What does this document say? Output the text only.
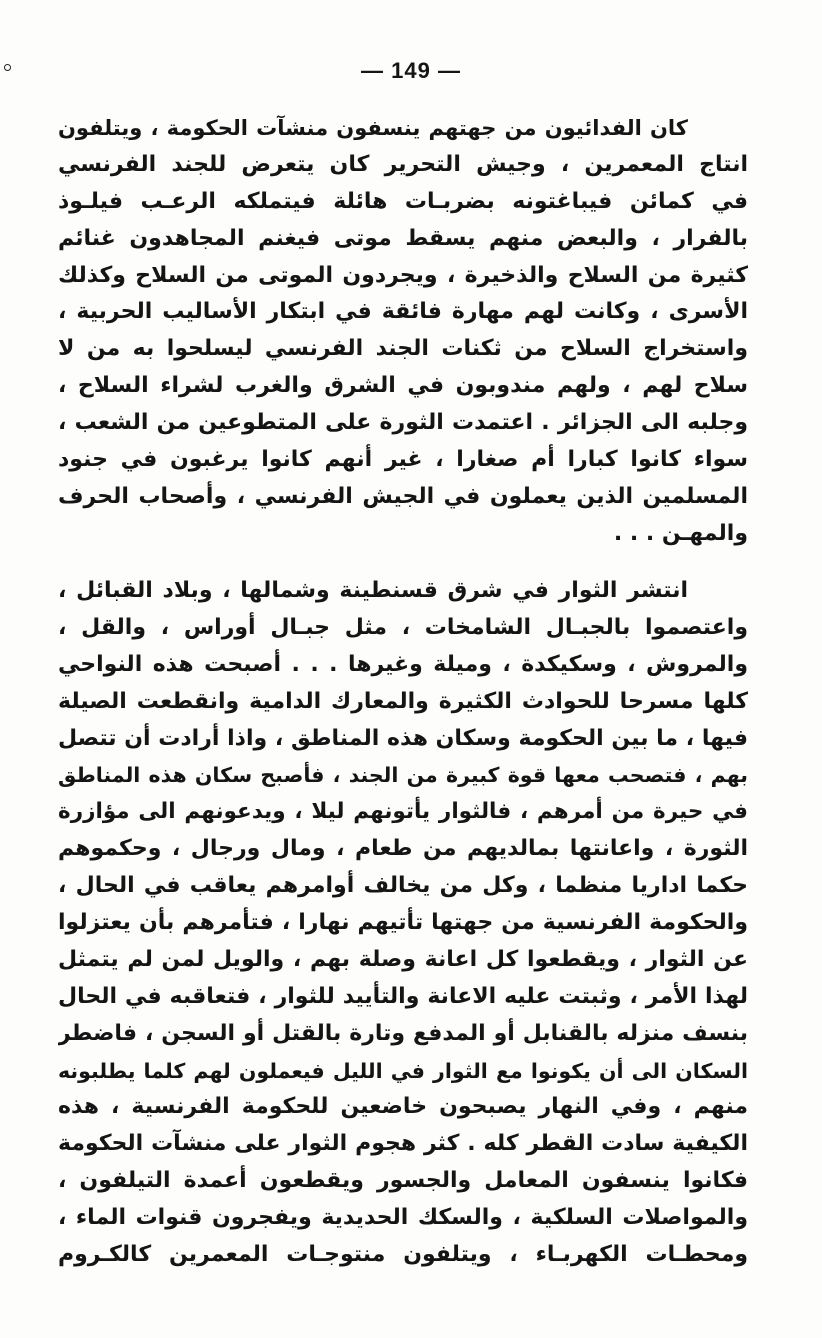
— 149 —
كان الفدائيون من جهتهم ينسفون منشآت الحكومة ، ويتلفون
انتاج المعمرين ، وجيش التحرير كان يتعرض للجند الفرنسي
في كمائن فيباغتونه بضربـات هائلة فيتملكه الرعـب فيلـوذ
بالفرار ، والبعض منهم يسقط موتى فيغنم المجاهدون غنائم
كثيرة من السلاح والذخيرة ، ويجردون الموتى من السلاح وكذلك
الأسرى ، وكانت لهم مهارة فائقة في ابتكار الأساليب الحربية ،
واستخراج السلاح من ثكنات الجند الفرنسي ليسلحوا به من لا
سلاح لهم ، ولهم مندوبون في الشرق والغرب لشراء السلاح ،
وجلبه الى الجزائر . اعتمدت الثورة على المتطوعين من الشعب ،
سواء كانوا كبارا أم صغارا ، غير أنهم كانوا يرغبون في جنود
المسلمين الذين يعملون في الجيش الفرنسي ، وأصحاب الحرف
والمهـن . . .
انتشر الثوار في شرق قسنطينة وشمالها ، وبلاد القبائل ،
واعتصموا بالجبـال الشامخات ، مثل جبـال أوراس ، والقل ،
والمروش ، وسكيكدة ، وميلة وغيرها . . . أصبحت هذه النواحي
كلها مسرحا للحوادث الكثيرة والمعارك الدامية وانقطعت الصيلة
فيها ، ما بين الحكومة وسكان هذه المناطق ، واذا أرادت أن تتصل
بهم ، فتصحب معها قوة كبيرة من الجند ، فأصبح سكان هذه المناطق
في حيرة من أمرهم ، فالثوار يأتونهم ليلا ، ويدعونهم الى مؤازرة
الثورة ، واعانتها بمالديهم من طعام ، ومال ورجال ، وحكموهم
حكما اداريا منظما ، وكل من يخالف أوامرهم يعاقب في الحال ،
والحكومة الفرنسية من جهتها تأتيهم نهارا ، فتأمرهم بأن يعتزلوا
عن الثوار ، ويقطعوا كل اعانة وصلة بهم ، والويل لمن لم يتمثل
لهذا الأمر ، وثبتت عليه الاعانة والتأييد للثوار ، فتعاقبه في الحال
بنسف منزله بالقنابل أو المدفع وتارة بالقتل أو السجن ، فاضطر
السكان الى أن يكونوا مع الثوار في الليل فيعملون لهم كلما يطلبونه
منهم ، وفي النهار يصبحون خاضعين للحكومة الفرنسية ، هذه
الكيفية سادت القطر كله . كثر هجوم الثوار على منشآت الحكومة
فكانوا ينسفون المعامل والجسور ويقطعون أعمدة التيلفون ،
والمواصلات السلكية ، والسكك الحديدية ويفجرون قنوات الماء ،
ومحطـات الكهربـاء ، ويتلفون منتوجـات المعمرين كالكـروم
